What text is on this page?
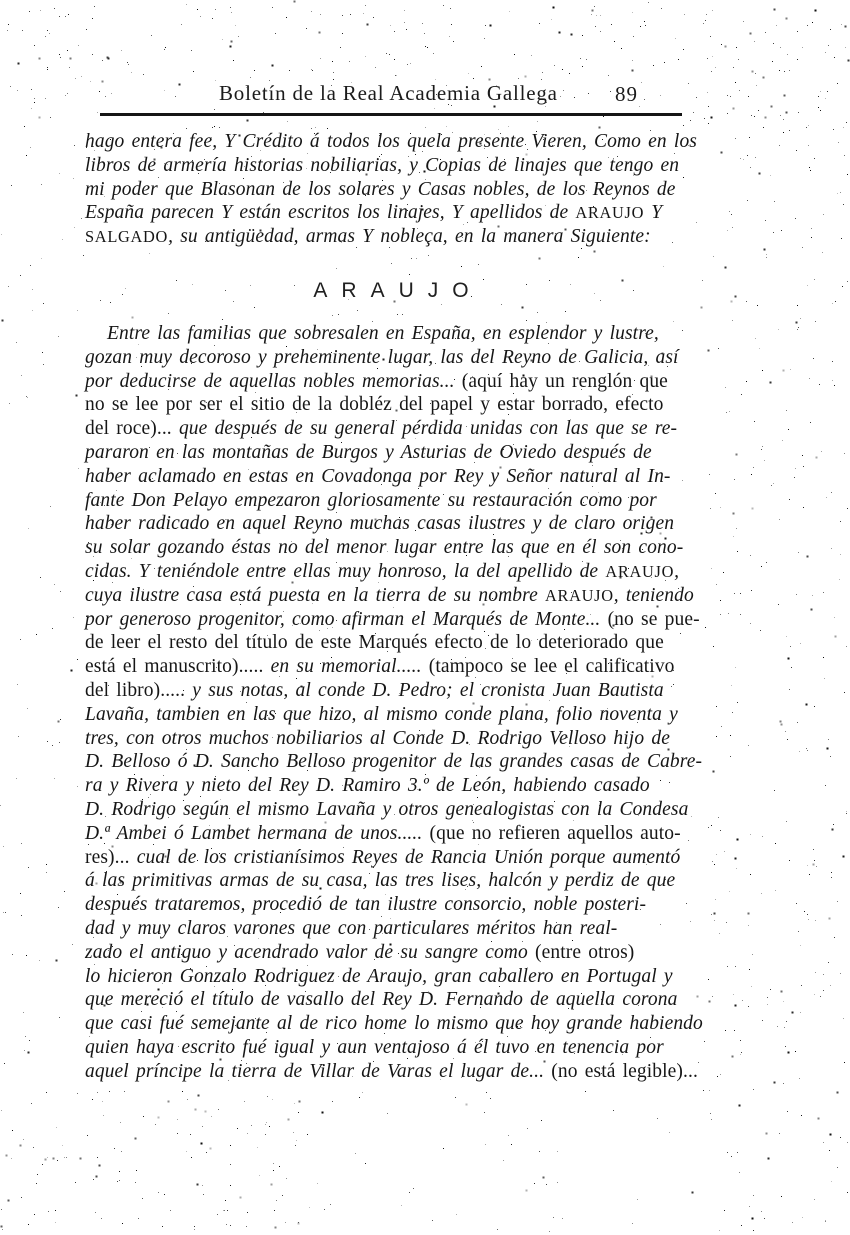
Boletín de la Real Academia Gallega	89
hago entera fee, Y Crédito á todos los quela presente Vieren, Como en los
libros de armería historias nobiliarias, y Copias de linajes que tengo en
mi poder que Blasonan de los solares y Casas nobles, de los Reynos de
España parecen Y están escritos los linajes, Y apellidos de ARAUJO Y
SALGADO, su antigüedad, armas Y nobleça, en la manera Siguiente:
ARAUJO
Entre las familias que sobresalen en España, en esplendor y lustre,
gozan muy decoroso y preheminente lugar, las del Reyno de Galicia, así
por deducirse de aquellas nobles memorias... (aquí hay un renglón que
no se lee por ser el sitio de la dobléz del papel y estar borrado, efecto
del roce)... que después de su general pérdida unidas con las que se re-
pararon en las montañas de Burgos y Asturias de Oviedo después de
haber aclamado en estas en Covadonga por Rey y Señor natural al In-
fante Don Pelayo empezaron gloriosamente su restauración como por
haber radicado en aquel Reyno muchas casas ilustres y de claro origen
su solar gozando éstas no del menor lugar entre las que en él son cono-
cidas. Y teniéndole entre ellas muy honroso, la del apellido de ARAUJO,
cuya ilustre casa está puesta en la tierra de su nombre ARAUJO, teniendo
por generoso progenitor, como afirman el Marqués de Monte... (no se pue-
de leer el resto del título de este Marqués efecto de lo deteriorado que
está el manuscrito)..... en su memorial..... (tampoco se lee el calificativo
del libro)..... y sus notas, al conde D. Pedro; el cronista Juan Bautista
Lavaña, tambien en las que hizo, al mismo conde plana, folio noventa y
tres, con otros muchos nobiliarios al Conde D. Rodrigo Velloso hijo de
D. Belloso ó D. Sancho Belloso progenitor de las grandes casas de Cabre-
ra y Rivera y nieto del Rey D. Ramiro 3.º de León, habiendo casado
D. Rodrigo según el mismo Lavaña y otros genealogistas con la Condesa
D.ª Ambei ó Lambet hermana de unos..... (que no refieren aquellos auto-
res)... cual de los cristianísimos Reyes de Rancia Unión porque aumentó
á las primitivas armas de su casa, las tres lises, halcón y perdiz de que
después trataremos, procedió de tan ilustre consorcio, noble posteri-
dad y muy claros varones que con particulares méritos han real-
zado el antiguo y acendrado valor de su sangre como (entre otros)
lo hicieron Gonzalo Rodriguez de Araujo, gran caballero en Portugal y
que mereció el título de vasallo del Rey D. Fernando de aquella corona
que casi fué semejante al de rico home lo mismo que hoy grande habiendo
quien haya escrito fué igual y aun ventajoso á él tuvo en tenencia por
aquel príncipe la tierra de Villar de Varas el lugar de... (no está legible)...
